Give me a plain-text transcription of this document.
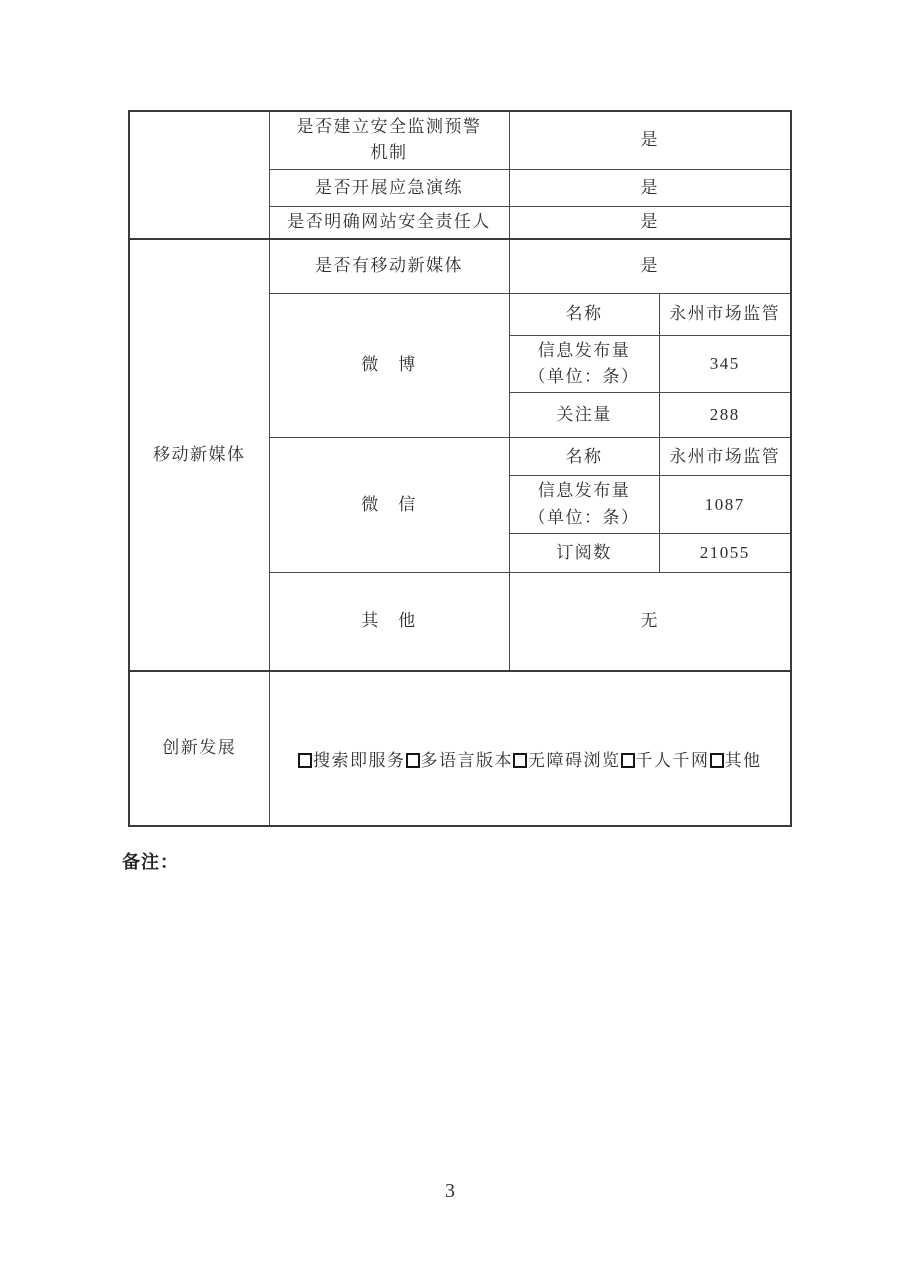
	是否建立安全监测预警
机制	是	
	是否开展应急演练	是	
	是否明确网站安全责任人	是	
移动新媒体	是否有移动新媒体	是	
	微　博	名称	永州市场监管
		信息发布量
（单位：条）	345
		关注量	288
	微　信	名称	永州市场监管
		信息发布量
（单位：条）	1087
		订阅数	21055
	其　他	无	
创新发展	搜索即服务 多语言版本 无障碍浏览 千人千网 其他		

备注：
3
